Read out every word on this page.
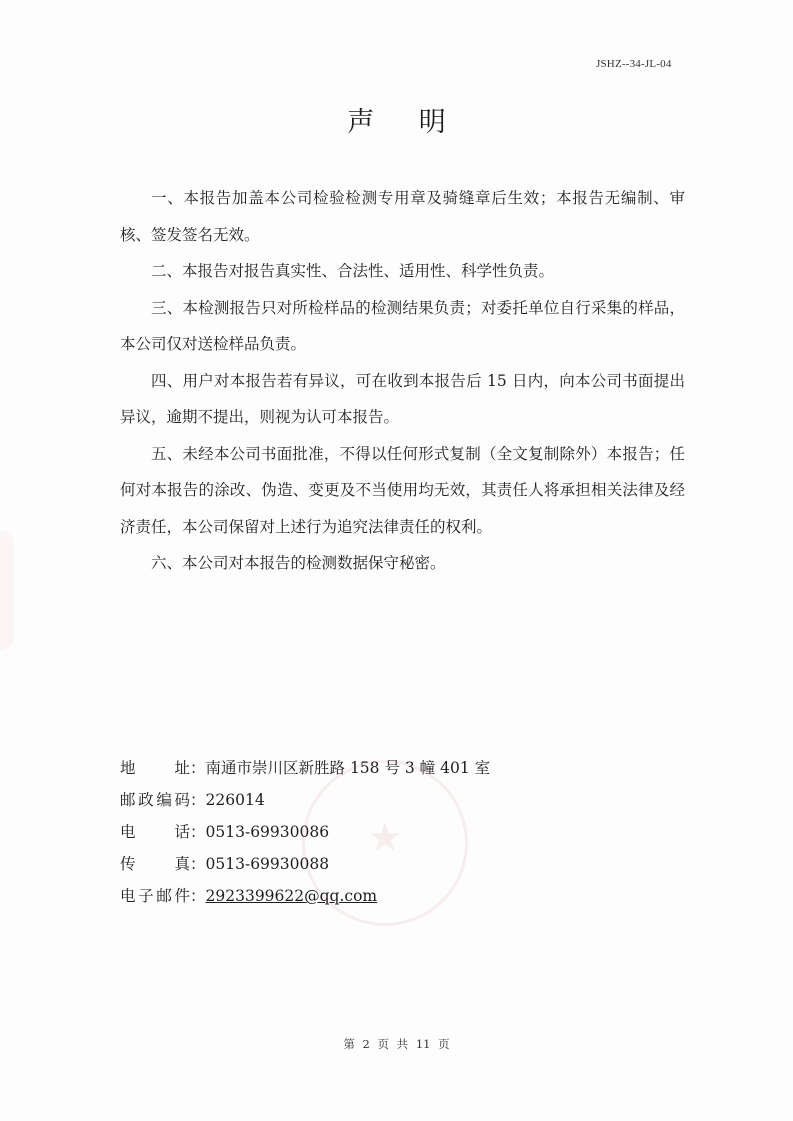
JSHZ--34-JL-04
声 明

一、本报告加盖本公司检验检测专用章及骑缝章后生效；本报告无编制、审核、签发签名无效。

二、本报告对报告真实性、合法性、适用性、科学性负责。

三、本检测报告只对所检样品的检测结果负责；对委托单位自行采集的样品，本公司仅对送检样品负责。

四、用户对本报告若有异议，可在收到本报告后 15 日内，向本公司书面提出异议，逾期不提出，则视为认可本报告。

五、未经本公司书面批准，不得以任何形式复制（全文复制除外）本报告；任何对本报告的涂改、伪造、变更及不当使用均无效，其责任人将承担相关法律及经济责任，本公司保留对上述行为追究法律责任的权利。

六、本公司对本报告的检测数据保守秘密。

★
地址 ： 南通市崇川区新胜路 158 号 3 幢 401 室
邮政编码 ： 226014
电话 ： 0513-69930086
传真 ： 0513-69930088
电子邮件 ： 2923399622@qq.com
第 2 页 共 11 页
